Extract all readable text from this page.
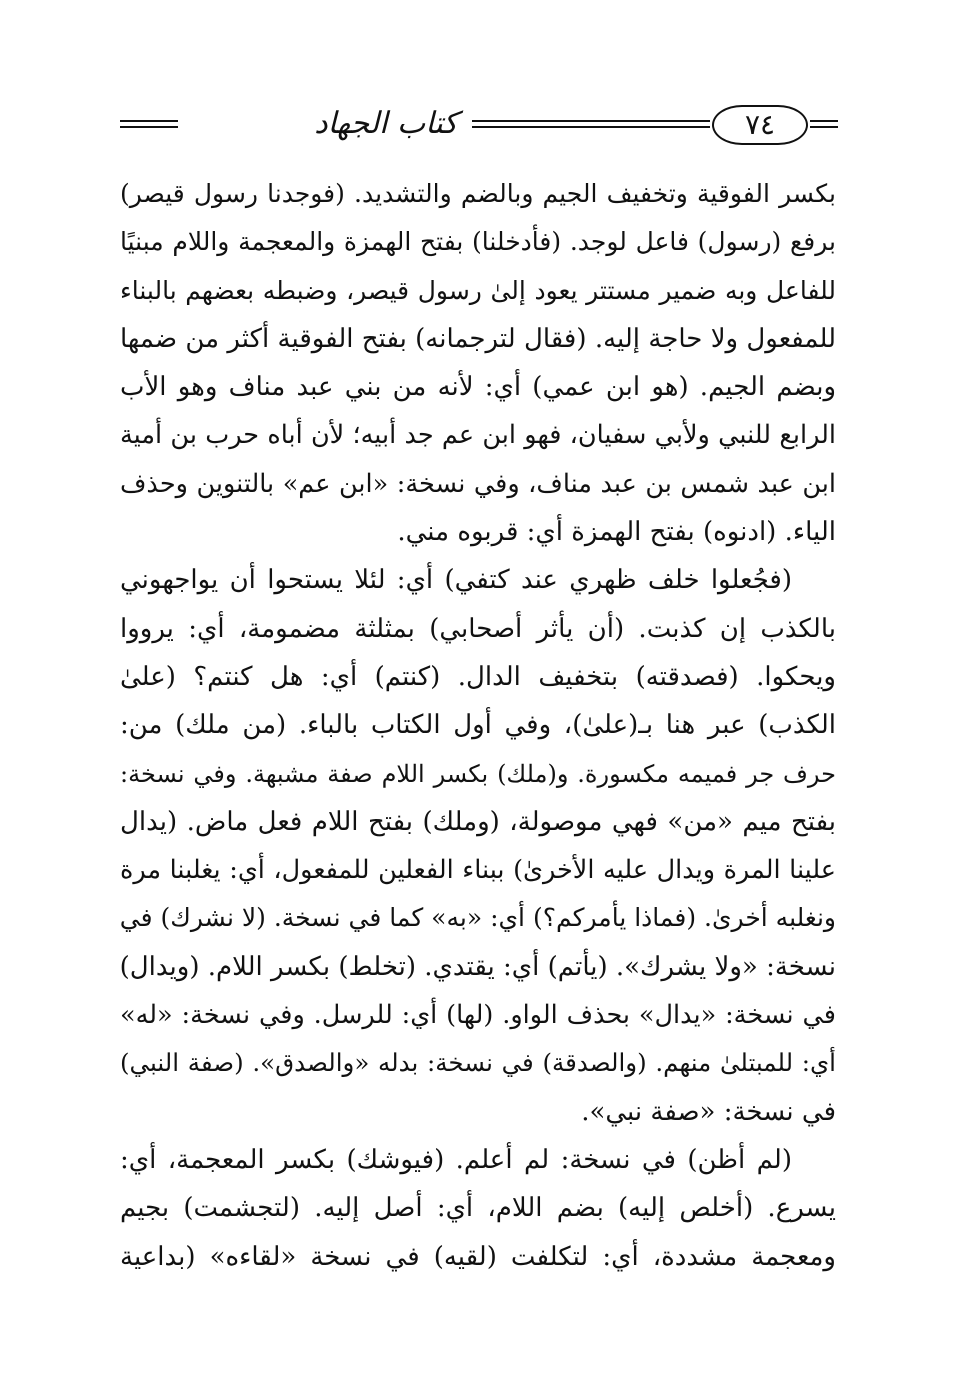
كتاب الجهاد	٧٤
بكسر الفوقية وتخفيف الجيم وبالضم والتشديد. (فوجدنا رسول قيصر)
برفع (رسول) فاعل لوجد. (فأدخلنا) بفتح الهمزة والمعجمة واللام مبنيًا
للفاعل وبه ضمير مستتر يعود إلىٰ رسول قيصر، وضبطه بعضهم بالبناء
للمفعول ولا حاجة إليه. (فقال لترجمانه) بفتح الفوقية أكثر من ضمها
وبضم الجيم. (هو ابن عمي) أي: لأنه من بني عبد مناف وهو الأب
الرابع للنبي ولأبي سفيان، فهو ابن عم جد أبيه؛ لأن أباه حرب بن أمية
ابن عبد شمس بن عبد مناف، وفي نسخة: «ابن عم» بالتنوين وحذف
الياء. (ادنوه) بفتح الهمزة أي: قربوه مني.
(فجُعلوا خلف ظهري عند كتفي) أي: لئلا يستحوا أن يواجهوني
بالكذب إن كذبت. (أن يأثر أصحابي) بمثلثة مضمومة، أي: يرووا
ويحكوا. (فصدقته) بتخفيف الدال. (كنتم) أي: هل كنتم؟ (علىٰ
الكذب) عبر هنا بـ(علىٰ)، وفي أول الكتاب بالباء. (من ملك) من:
حرف جر فميمه مكسورة. و(ملك) بكسر اللام صفة مشبهة. وفي نسخة:
بفتح ميم «من» فهي موصولة، (وملك) بفتح اللام فعل ماض. (يدال
علينا المرة ويدال عليه الأخرىٰ) ببناء الفعلين للمفعول، أي: يغلبنا مرة
ونغلبه أخرىٰ. (فماذا يأمركم؟) أي: «به» كما في نسخة. (لا نشرك) في
نسخة: «ولا يشرك». (يأتم) أي: يقتدي. (تخلط) بكسر اللام. (ويدال)
في نسخة: «يدال» بحذف الواو. (لها) أي: للرسل. وفي نسخة: «له»
أي: للمبتلىٰ منهم. (والصدقة) في نسخة: بدله «والصدق». (صفة النبي)
في نسخة: «صفة نبي».
(لم أظن) في نسخة: لم أعلم. (فيوشك) بكسر المعجمة، أي:
يسرع. (أخلص إليه) بضم اللام، أي: أصل إليه. (لتجشمت) بجيم
ومعجمة مشددة، أي: لتكلفت (لقيه) في نسخة «لقاءه» (بداعية
